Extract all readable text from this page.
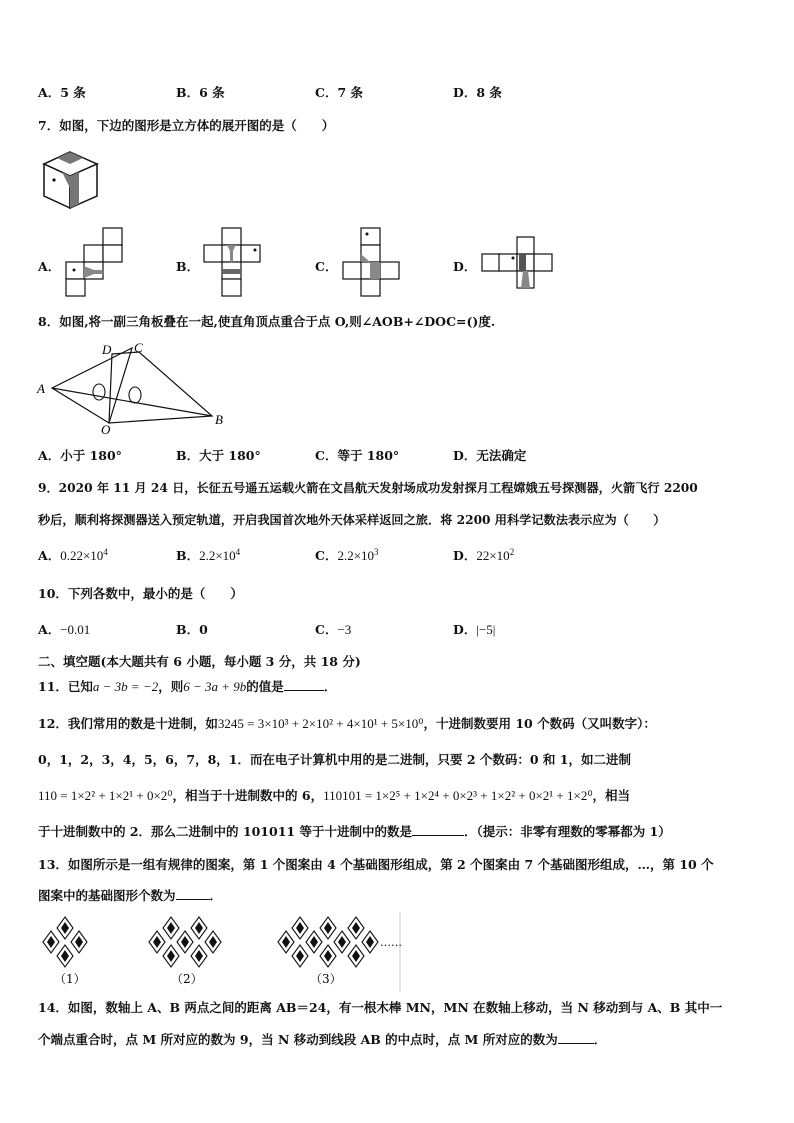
A．5 条	B．6 条	C．7 条	D．8 条
7．如图，下边的图形是立方体的展开图的是（　　）
A．	B．	C．	D．
8．如图,将一副三角板叠在一起,使直角顶点重合于点 O,则∠AOB+∠DOC=()度.
D C
A
O
B
A．小于 180°	B．大于 180°	C．等于 180°	D．无法确定
9．2020 年 11 月 24 日，长征五号遥五运载火箭在文昌航天发射场成功发射探月工程嫦娥五号探测器，火箭飞行 2200
秒后，顺利将探测器送入预定轨道，开启我国首次地外天体采样返回之旅．将 2200 用科学记数法表示应为（　　）
A．$0.22\times 10^4$	B．$2.2\times 10^4$	C．$2.2\times 10^3$	D．$22\times 10^2$
10．下列各数中，最小的是（　　）
A．−0.01	B．0	C．−3	D．|−5|
二、填空题(本大题共有 6 小题，每小题 3 分，共 18 分)
11．已知a − 3b = −2，则6 − 3a + 9b的值是	．
12．我们常用的数是十进制，如3245 = 3×10³ + 2×10² + 4×10¹ + 5×10⁰，十进制数要用 10 个数码（又叫数字）：
0，1，2，3，4，5，6，7，8，1．而在电子计算机中用的是二进制，只要 2 个数码：0 和 1，如二进制
110 = 1×2² + 1×2¹ + 0×2⁰，相当于十进制数中的 6，110101 = 1×2⁵ + 1×2⁴ + 0×2³ + 1×2² + 0×2¹ + 1×2⁰，相当
于十进制数中的 2．那么二进制中的 101011 等于十进制中的数是	．（提示：非零有理数的零幂都为 1）
13．如图所示是一组有规律的图案，第 1 个图案由 4 个基础图形组成，第 2 个图案由 7 个基础图形组成，…，第 10 个
图案中的基础图形个数为	．
……
（1）	（2）	（3）
14．如图，数轴上 A、B 两点之间的距离 AB＝24，有一根木棒 MN，MN 在数轴上移动，当 N 移动到与 A、B 其中一
个端点重合时，点 M 所对应的数为 9，当 N 移动到线段 AB 的中点时，点 M 所对应的数为	．
